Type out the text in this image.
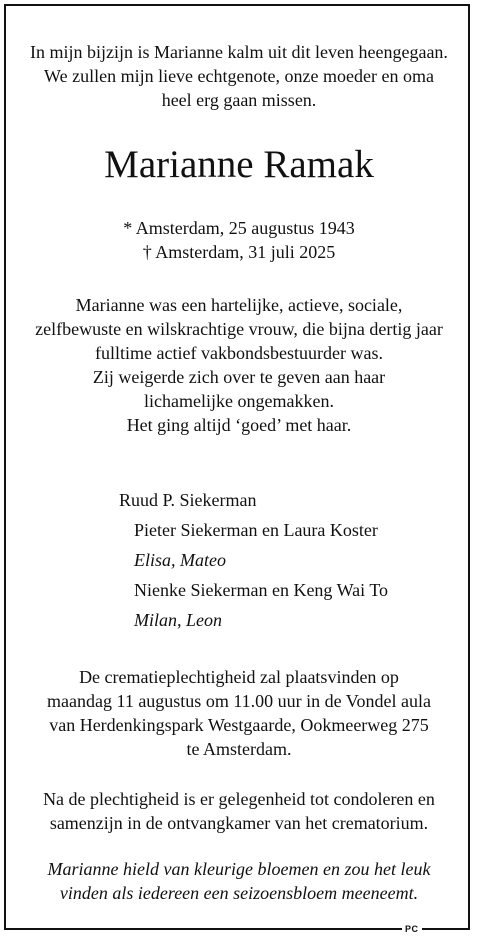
In mijn bijzijn is Marianne kalm uit dit leven heengegaan.
We zullen mijn lieve echtgenote, onze moeder en oma
heel erg gaan missen.
Marianne Ramak
* Amsterdam, 25 augustus 1943
† Amsterdam, 31 juli 2025
Marianne was een hartelijke, actieve, sociale,
zelfbewuste en wilskrachtige vrouw, die bijna dertig jaar
fulltime actief vakbondsbestuurder was.
Zij weigerde zich over te geven aan haar
lichamelijke ongemakken.
Het ging altijd ‘goed’ met haar.
Ruud P. Siekerman
Pieter Siekerman en Laura Koster
Elisa, Mateo
Nienke Siekerman en Keng Wai To
Milan, Leon
De crematieplechtigheid zal plaatsvinden op
maandag 11 augustus om 11.00 uur in de Vondel aula
van Herdenkingspark Westgaarde, Ookmeerweg 275
te Amsterdam.
Na de plechtigheid is er gelegenheid tot condoleren en
samenzijn in de ontvangkamer van het crematorium.
Marianne hield van kleurige bloemen en zou het leuk
vinden als iedereen een seizoensbloem meeneemt.
PC
